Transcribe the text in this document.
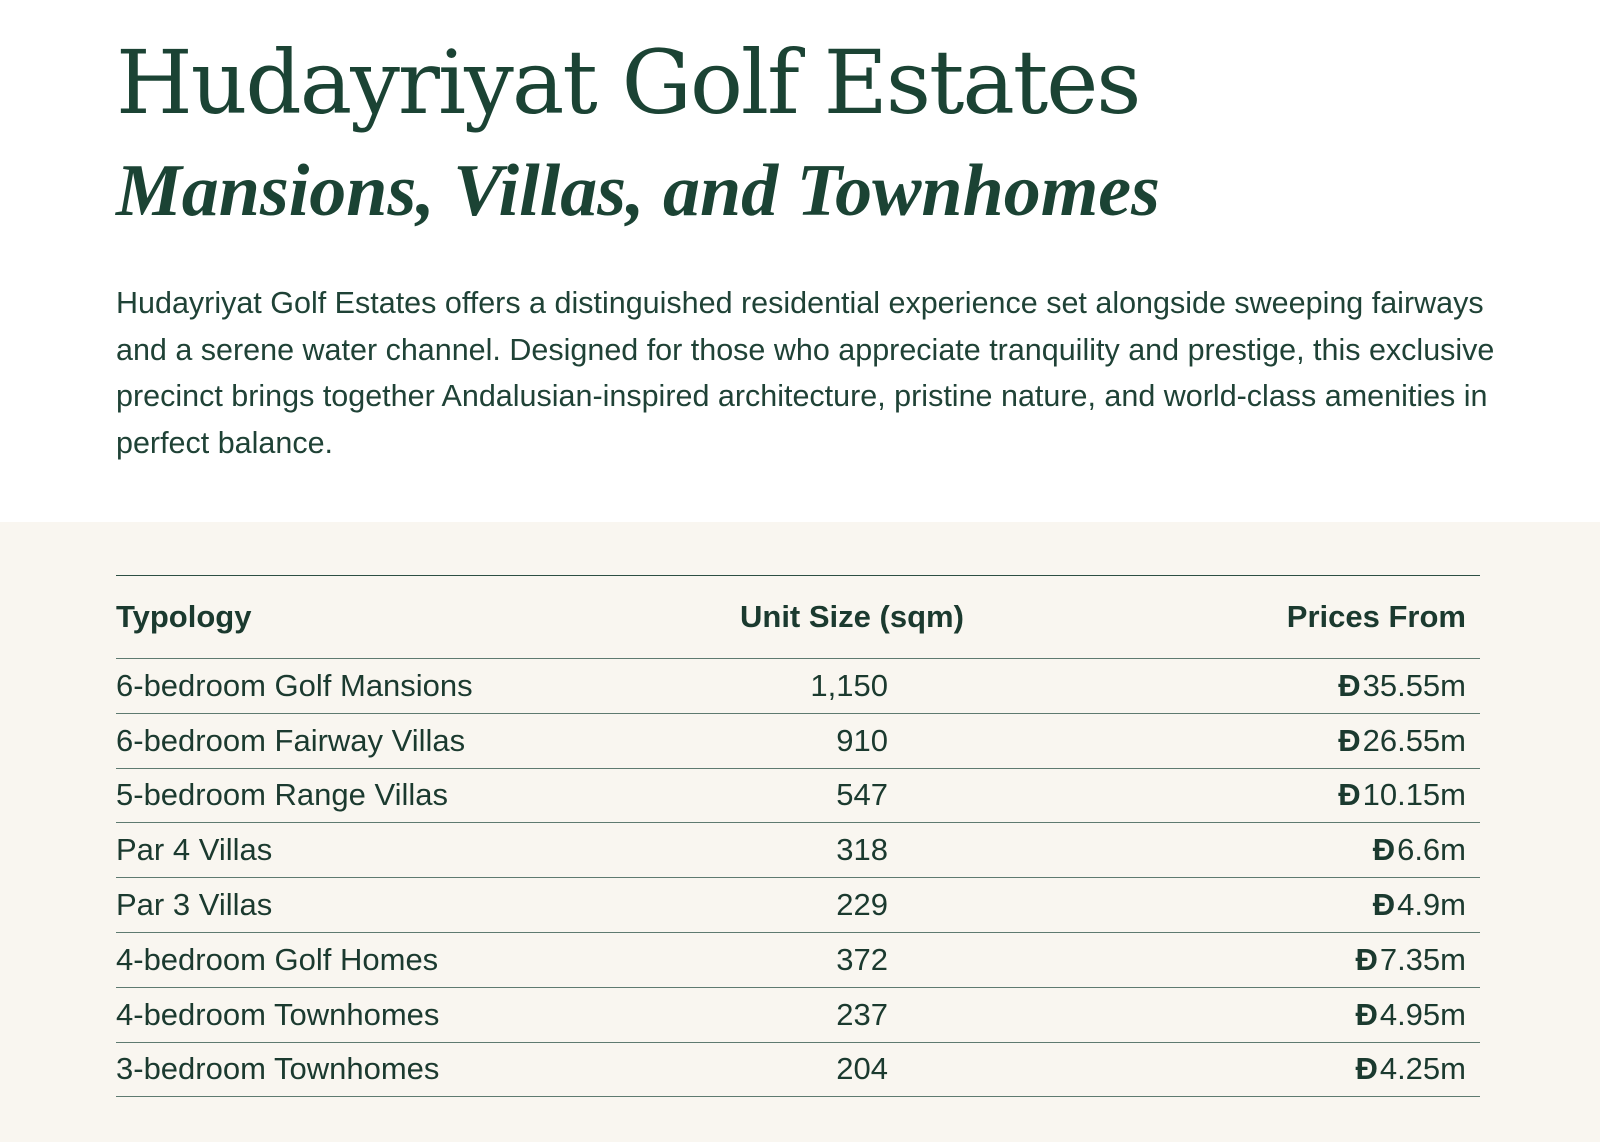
Hudayriyat Golf Estates
Mansions, Villas, and Townhomes

Hudayriyat Golf Estates offers a distinguished residential experience set alongside sweeping fairways and a serene water channel. Designed for those who appreciate tranquility and prestige, this exclusive precinct brings together Andalusian-inspired architecture, pristine nature, and world-class amenities in perfect balance.

Typology	Unit Size (sqm)	Prices From
6-bedroom Golf Mansions	1,150	Đ 35.55m
6-bedroom Fairway Villas	910	Đ 26.55m
5-bedroom Range Villas	547	Đ 10.15m
Par 4 Villas	318	Đ 6.6m
Par 3 Villas	229	Đ 4.9m
4-bedroom Golf Homes	372	Đ 7.35m
4-bedroom Townhomes	237	Đ 4.95m
3-bedroom Townhomes	204	Đ 4.25m
